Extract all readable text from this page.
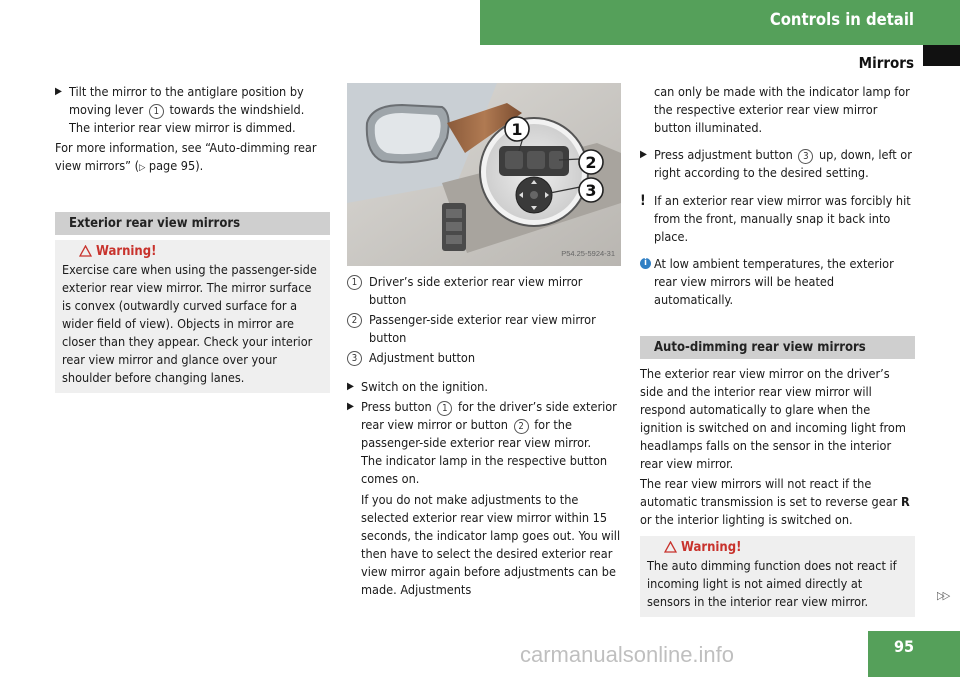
Controls in detail
Mirrors

▶ Tilt the mirror to the antiglare position by moving lever 1 towards the windshield.
The interior rear view mirror is dimmed.

For more information, see “Auto-dimming rear view mirrors” (▷ page 95).

Exterior rear view mirrors
Warning!

Exercise care when using the passenger-side exterior rear view mirror. The mirror surface is convex (outwardly curved surface for a wider field of view). Objects in mirror are closer than they appear. Check your interior rear view mirror and glance over your shoulder before changing lanes.

1
2
3
P54.25-5924-31

1 Driver’s side exterior rear view mirror button

2 Passenger-side exterior rear view mirror button

3 Adjustment button

▶ Switch on the ignition.

▶ Press button 1 for the driver’s side exterior rear view mirror or button 2 for the passenger-side exterior rear view mirror.
The indicator lamp in the respective button comes on.

If you do not make adjustments to the selected exterior rear view mirror within 15 seconds, the indicator lamp goes out. You will then have to select the desired exterior rear view mirror again before adjustments can be made. Adjustments

can only be made with the indicator lamp for the respective exterior rear view mirror button illuminated.

▶ Press adjustment button 3 up, down, left or right according to the desired setting.

! If an exterior rear view mirror was forcibly hit from the front, manually snap it back into place.

i At low ambient temperatures, the exterior rear view mirrors will be heated automatically.

Auto-dimming rear view mirrors

The exterior rear view mirror on the driver’s side and the interior rear view mirror will respond automatically to glare when the ignition is switched on and incoming light from headlamps falls on the sensor in the interior rear view mirror.

The rear view mirrors will not react if the automatic transmission is set to reverse gear R or the interior lighting is switched on.

Warning!

The auto dimming function does not react if incoming light is not aimed directly at sensors in the interior rear view mirror.	▷▷
carmanualsonline.info	95
